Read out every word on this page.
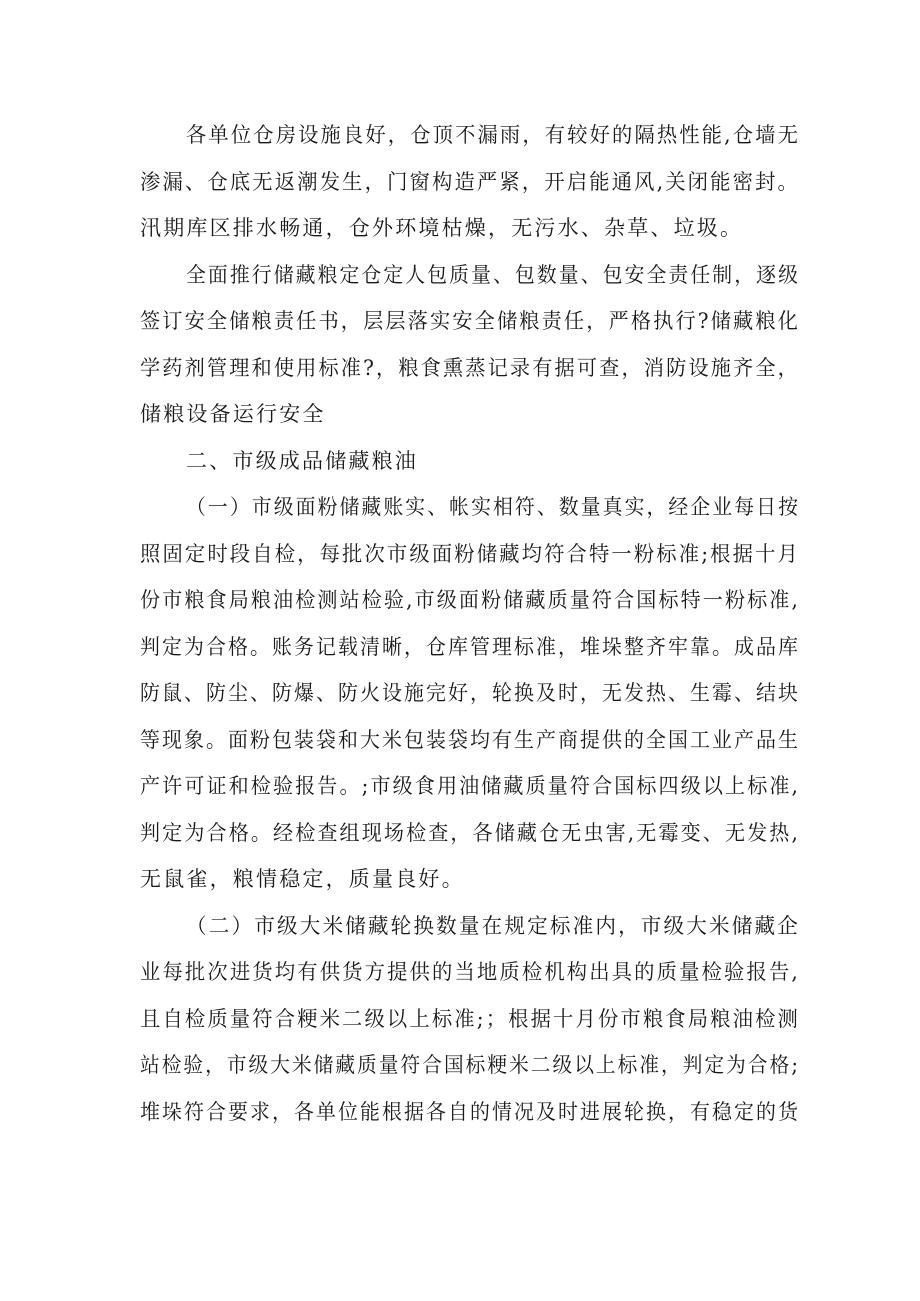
各单位仓房设施良好，仓顶不漏雨，有较好的隔热性能,仓墙无
渗漏、仓底无返潮发生，门窗构造严紧，开启能通风,关闭能密封。
汛期库区排水畅通，仓外环境枯燥，无污水、杂草、垃圾。

全面推行储藏粮定仓定人包质量、包数量、包安全责任制，逐级
签订安全储粮责任书，层层落实安全储粮责任，严格执行?储藏粮化
学药剂管理和使用标准?，粮食熏蒸记录有据可查，消防设施齐全，
储粮设备运行安全

二、市级成品储藏粮油

（一）市级面粉储藏账实、帐实相符、数量真实，经企业每日按
照固定时段自检，每批次市级面粉储藏均符合特一粉标准;根据十月
份市粮食局粮油检测站检验,市级面粉储藏质量符合国标特一粉标准,
判定为合格。账务记载清晰，仓库管理标准，堆垛整齐牢靠。成品库
防鼠、防尘、防爆、防火设施完好，轮换及时，无发热、生霉、结块
等现象。面粉包装袋和大米包装袋均有生产商提供的全国工业产品生
产许可证和检验报告。;市级食用油储藏质量符合国标四级以上标准,
判定为合格。经检查组现场检查，各储藏仓无虫害,无霉变、无发热,
无鼠雀，粮情稳定，质量良好。

（二）市级大米储藏轮换数量在规定标准内，市级大米储藏企
业每批次进货均有供货方提供的当地质检机构出具的质量检验报告,
且自检质量符合粳米二级以上标准;；根据十月份市粮食局粮油检测
站检验，市级大米储藏质量符合国标粳米二级以上标准，判定为合格;
堆垛符合要求，各单位能根据各自的情况及时进展轮换，有稳定的货
